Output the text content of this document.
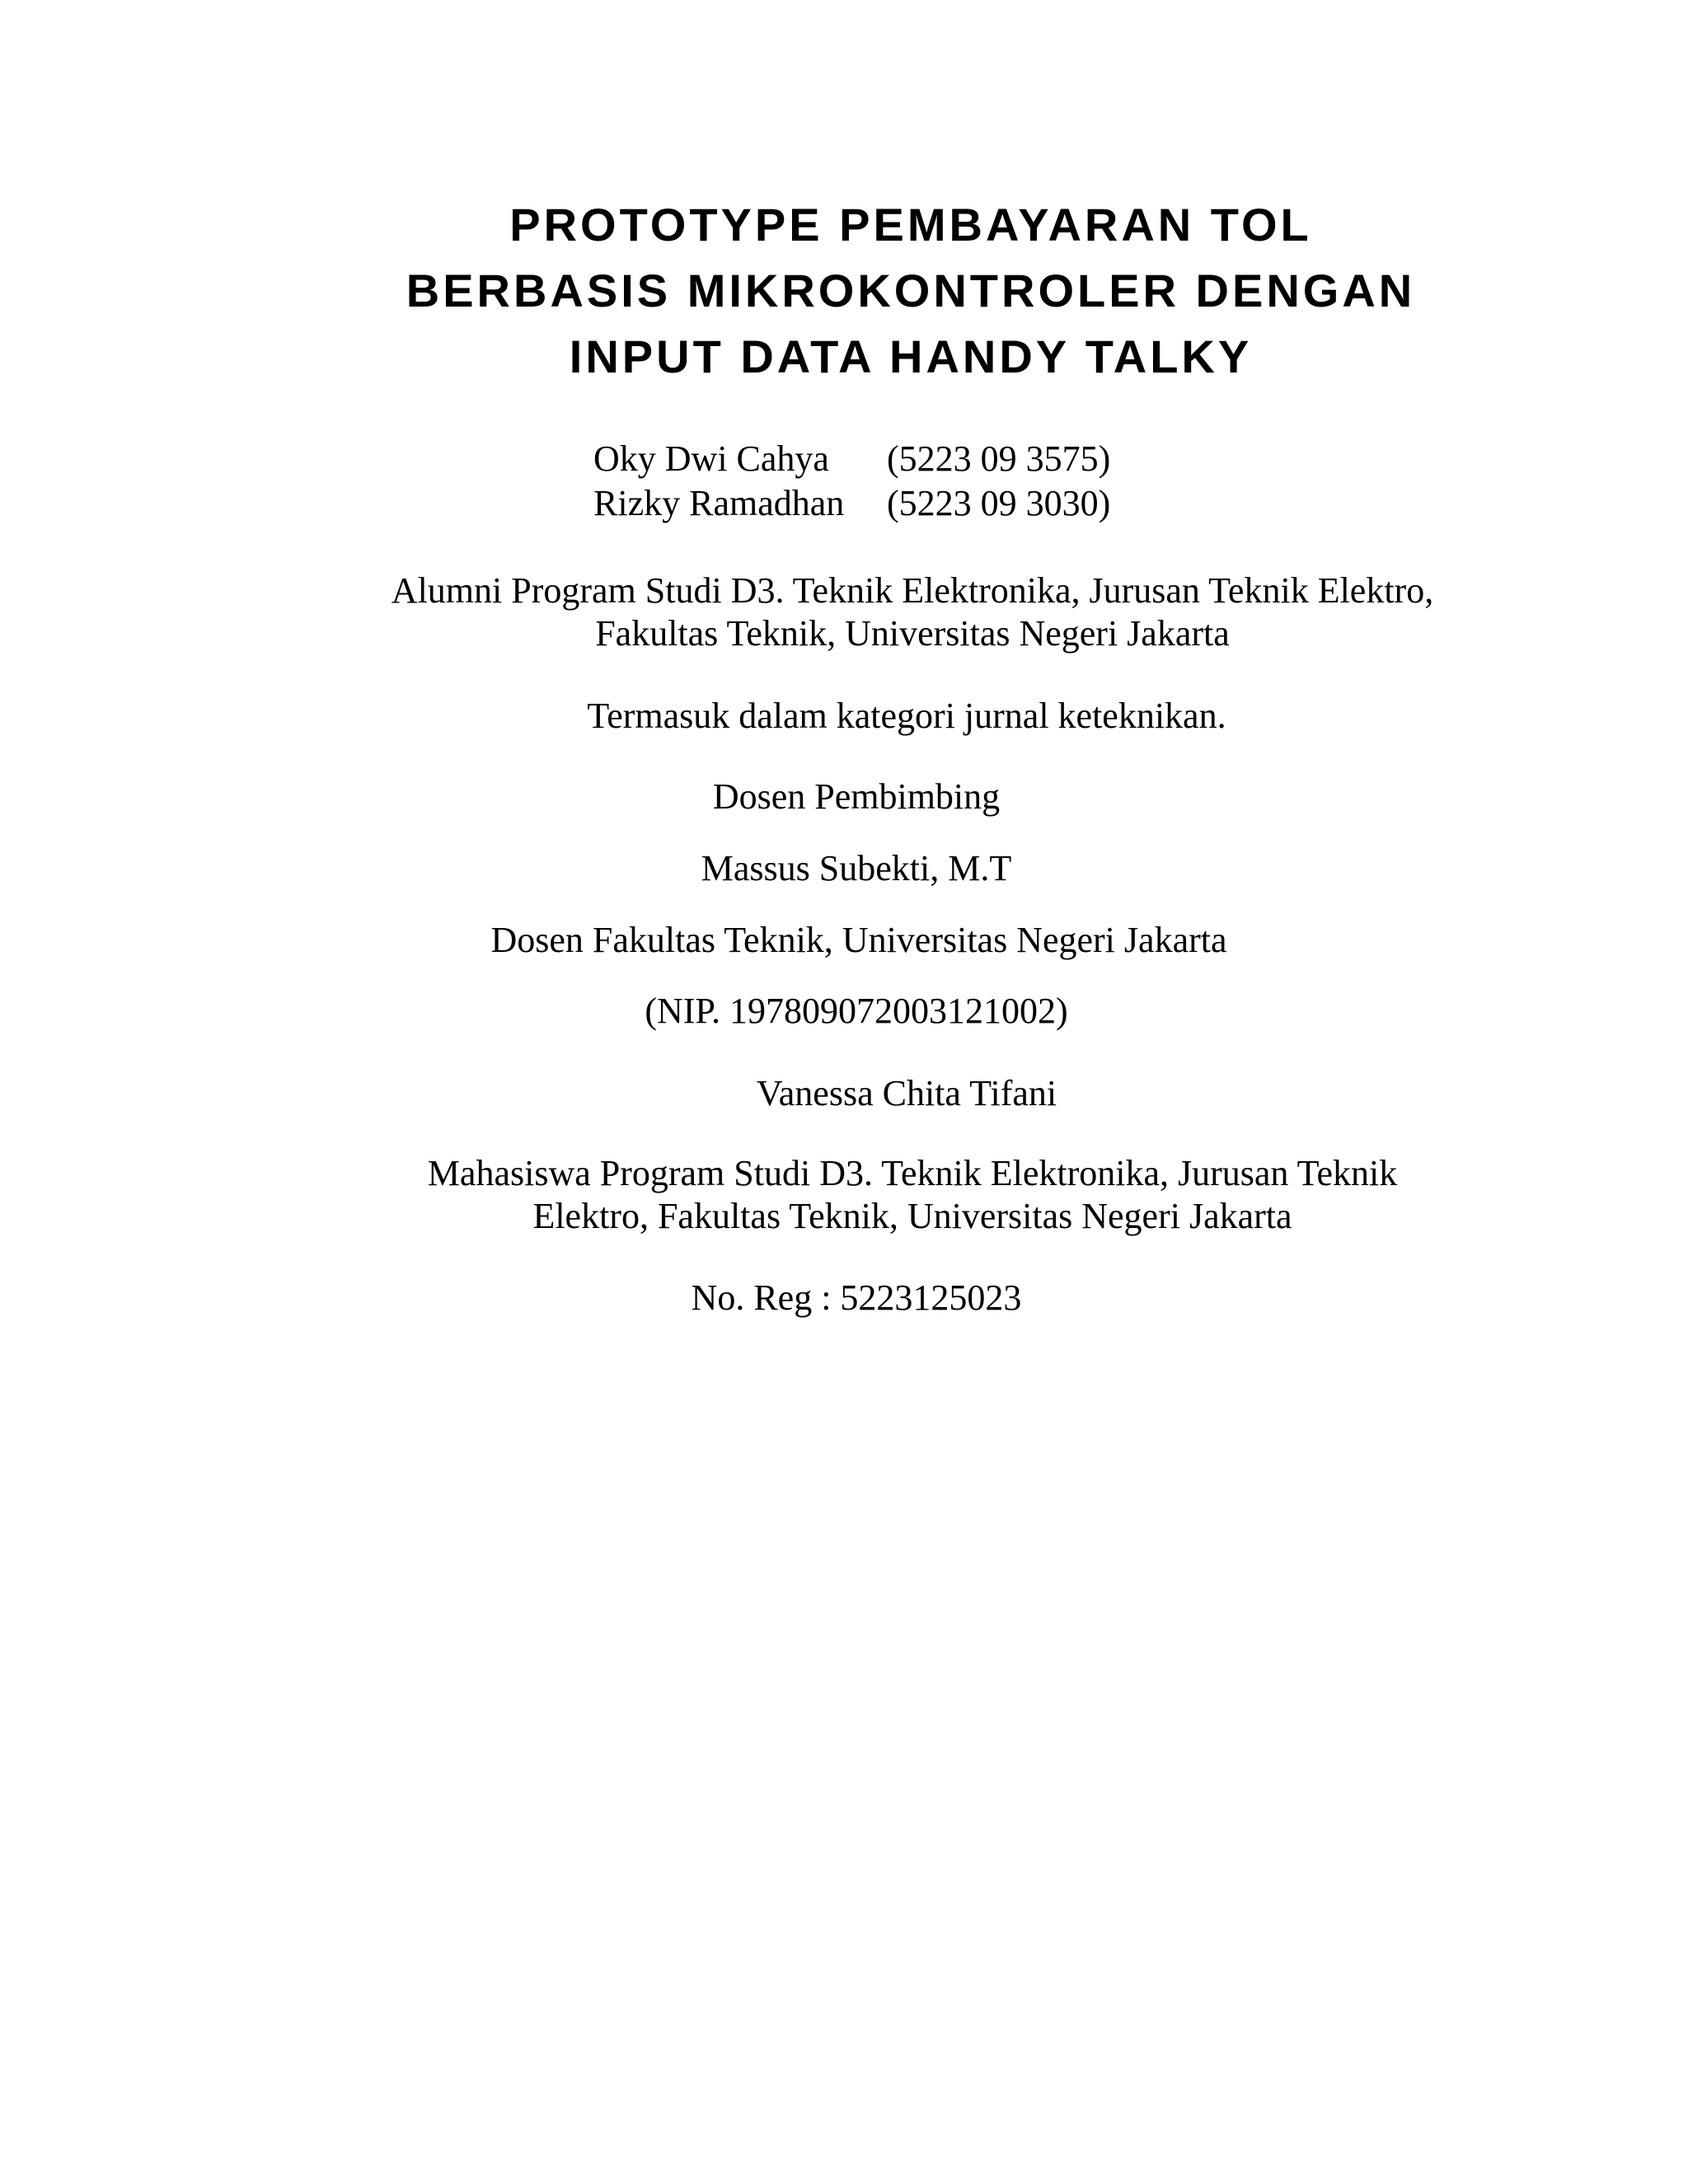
PROTOTYPE PEMBAYARAN TOL
BERBASIS MIKROKONTROLER DENGAN
INPUT DATA HANDY TALKY
Oky Dwi Cahya	(5223 09 3575)
Rizky Ramadhan	(5223 09 3030)
Alumni Program Studi D3. Teknik Elektronika, Jurusan Teknik Elektro,
Fakultas Teknik, Universitas Negeri Jakarta
Termasuk dalam kategori jurnal keteknikan.
Dosen Pembimbing
Massus Subekti, M.T
Dosen Fakultas Teknik, Universitas Negeri Jakarta
(NIP. 197809072003121002)
Vanessa Chita Tifani
Mahasiswa Program Studi D3. Teknik Elektronika, Jurusan Teknik
Elektro, Fakultas Teknik, Universitas Negeri Jakarta
No. Reg : 5223125023
